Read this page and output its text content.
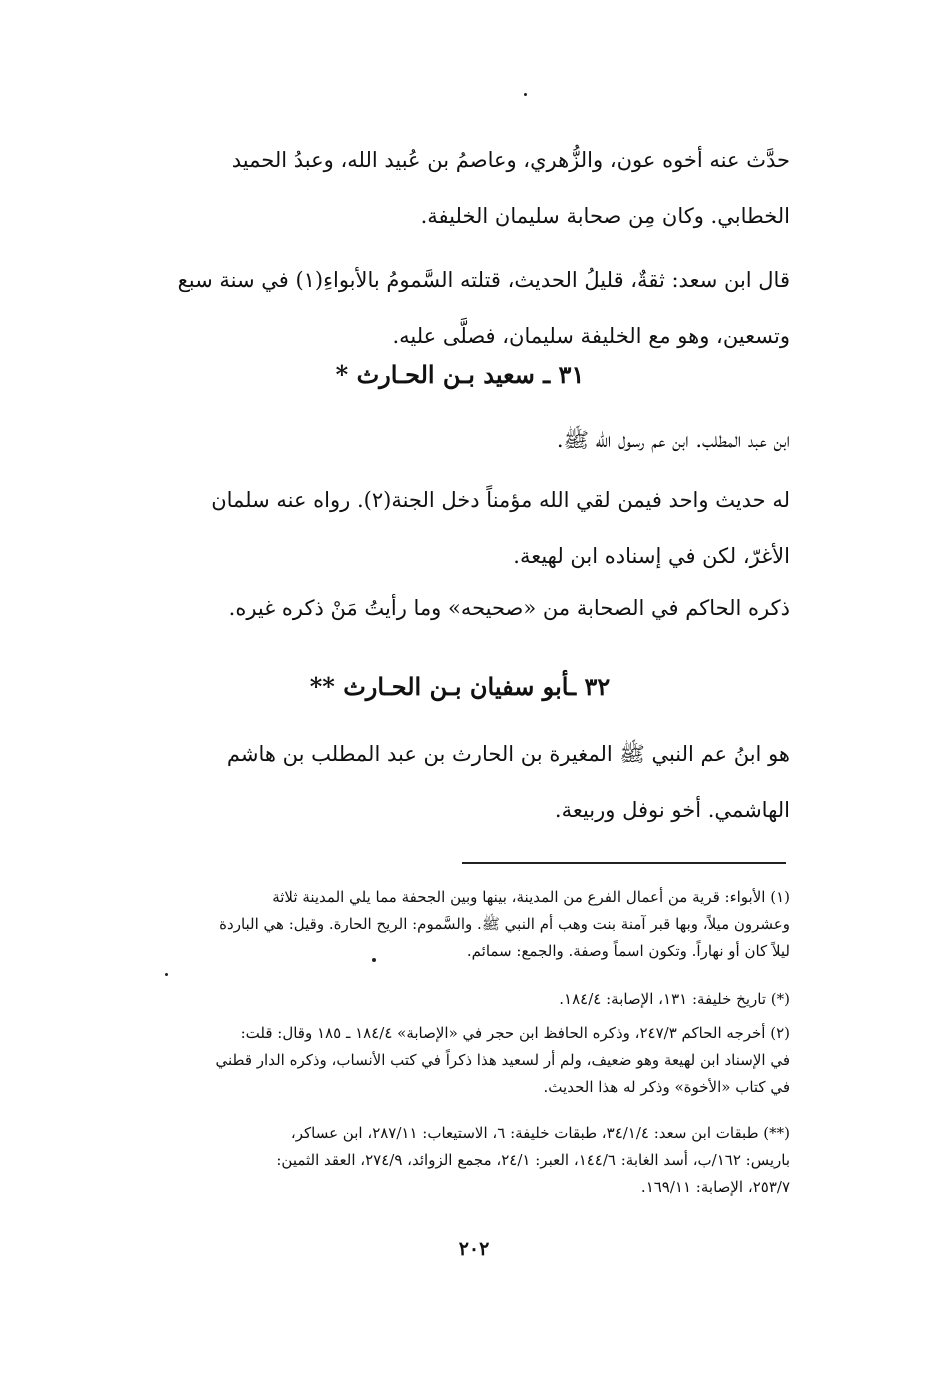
حدَّث عنه أخوه عون، والزُّهري، وعاصمُ بن عُبيد الله، وعبدُ الحميد

الخطابي. وكان مِن صحابة سليمان الخليفة.

قال ابن سعد: ثقةٌ، قليلُ الحديث، قتلته السَّمومُ بالأبواءِ(١) في سنة سبع

وتسعين، وهو مع الخليفة سليمان، فصلَّى عليه.

٣١ ـ سعيد بـن الحـارث *

ابن عبد المطلب. ابن عم رسول الله ﷺ.

له حديث واحد فيمن لقي الله مؤمناً دخل الجنة(٢). رواه عنه سلمان

الأغرّ، لكن في إسناده ابن لهيعة.

ذكره الحاكم في الصحابة من «صحيحه» وما رأيتُ مَنْ ذكره غيره.

٣٢ ـأبو سفيان بـن الحـارث **

هو ابنُ عم النبي ﷺ المغيرة بن الحارث بن عبد المطلب بن هاشم

الهاشمي. أخو نوفل وربيعة.

(١) الأبواء: قرية من أعمال الفرع من المدينة، بينها وبين الجحفة مما يلي المدينة ثلاثة
وعشرون ميلاً، وبها قبر آمنة بنت وهب أم النبي ﷺ. والسَّموم: الريح الحارة. وقيل: هي الباردة
ليلاً كان أو نهاراً. وتكون اسماً وصفة. والجمع: سمائم.
(*) تاريخ خليفة: ١٣١، الإصابة: ١٨٤/٤.
(٢) أخرجه الحاكم ٢٤٧/٣، وذكره الحافظ ابن حجر في «الإصابة» ١٨٤/٤ ـ ١٨٥ وقال: قلت:
في الإسناد ابن لهيعة وهو ضعيف، ولم أر لسعيد هذا ذكراً في كتب الأنساب، وذكره الدار قطني
في كتاب «الأخوة» وذكر له هذا الحديث.
(**) طبقات ابن سعد: ٣٤/١/٤، طبقات خليفة: ٦، الاستيعاب: ٢٨٧/١١، ابن عساكر،
باريس: ١٦٢/ب، أسد الغابة: ١٤٤/٦، العبر: ٢٤/١، مجمع الزوائد، ٢٧٤/٩، العقد الثمين:
٢٥٣/٧، الإصابة: ١٦٩/١١.
٢٠٢
